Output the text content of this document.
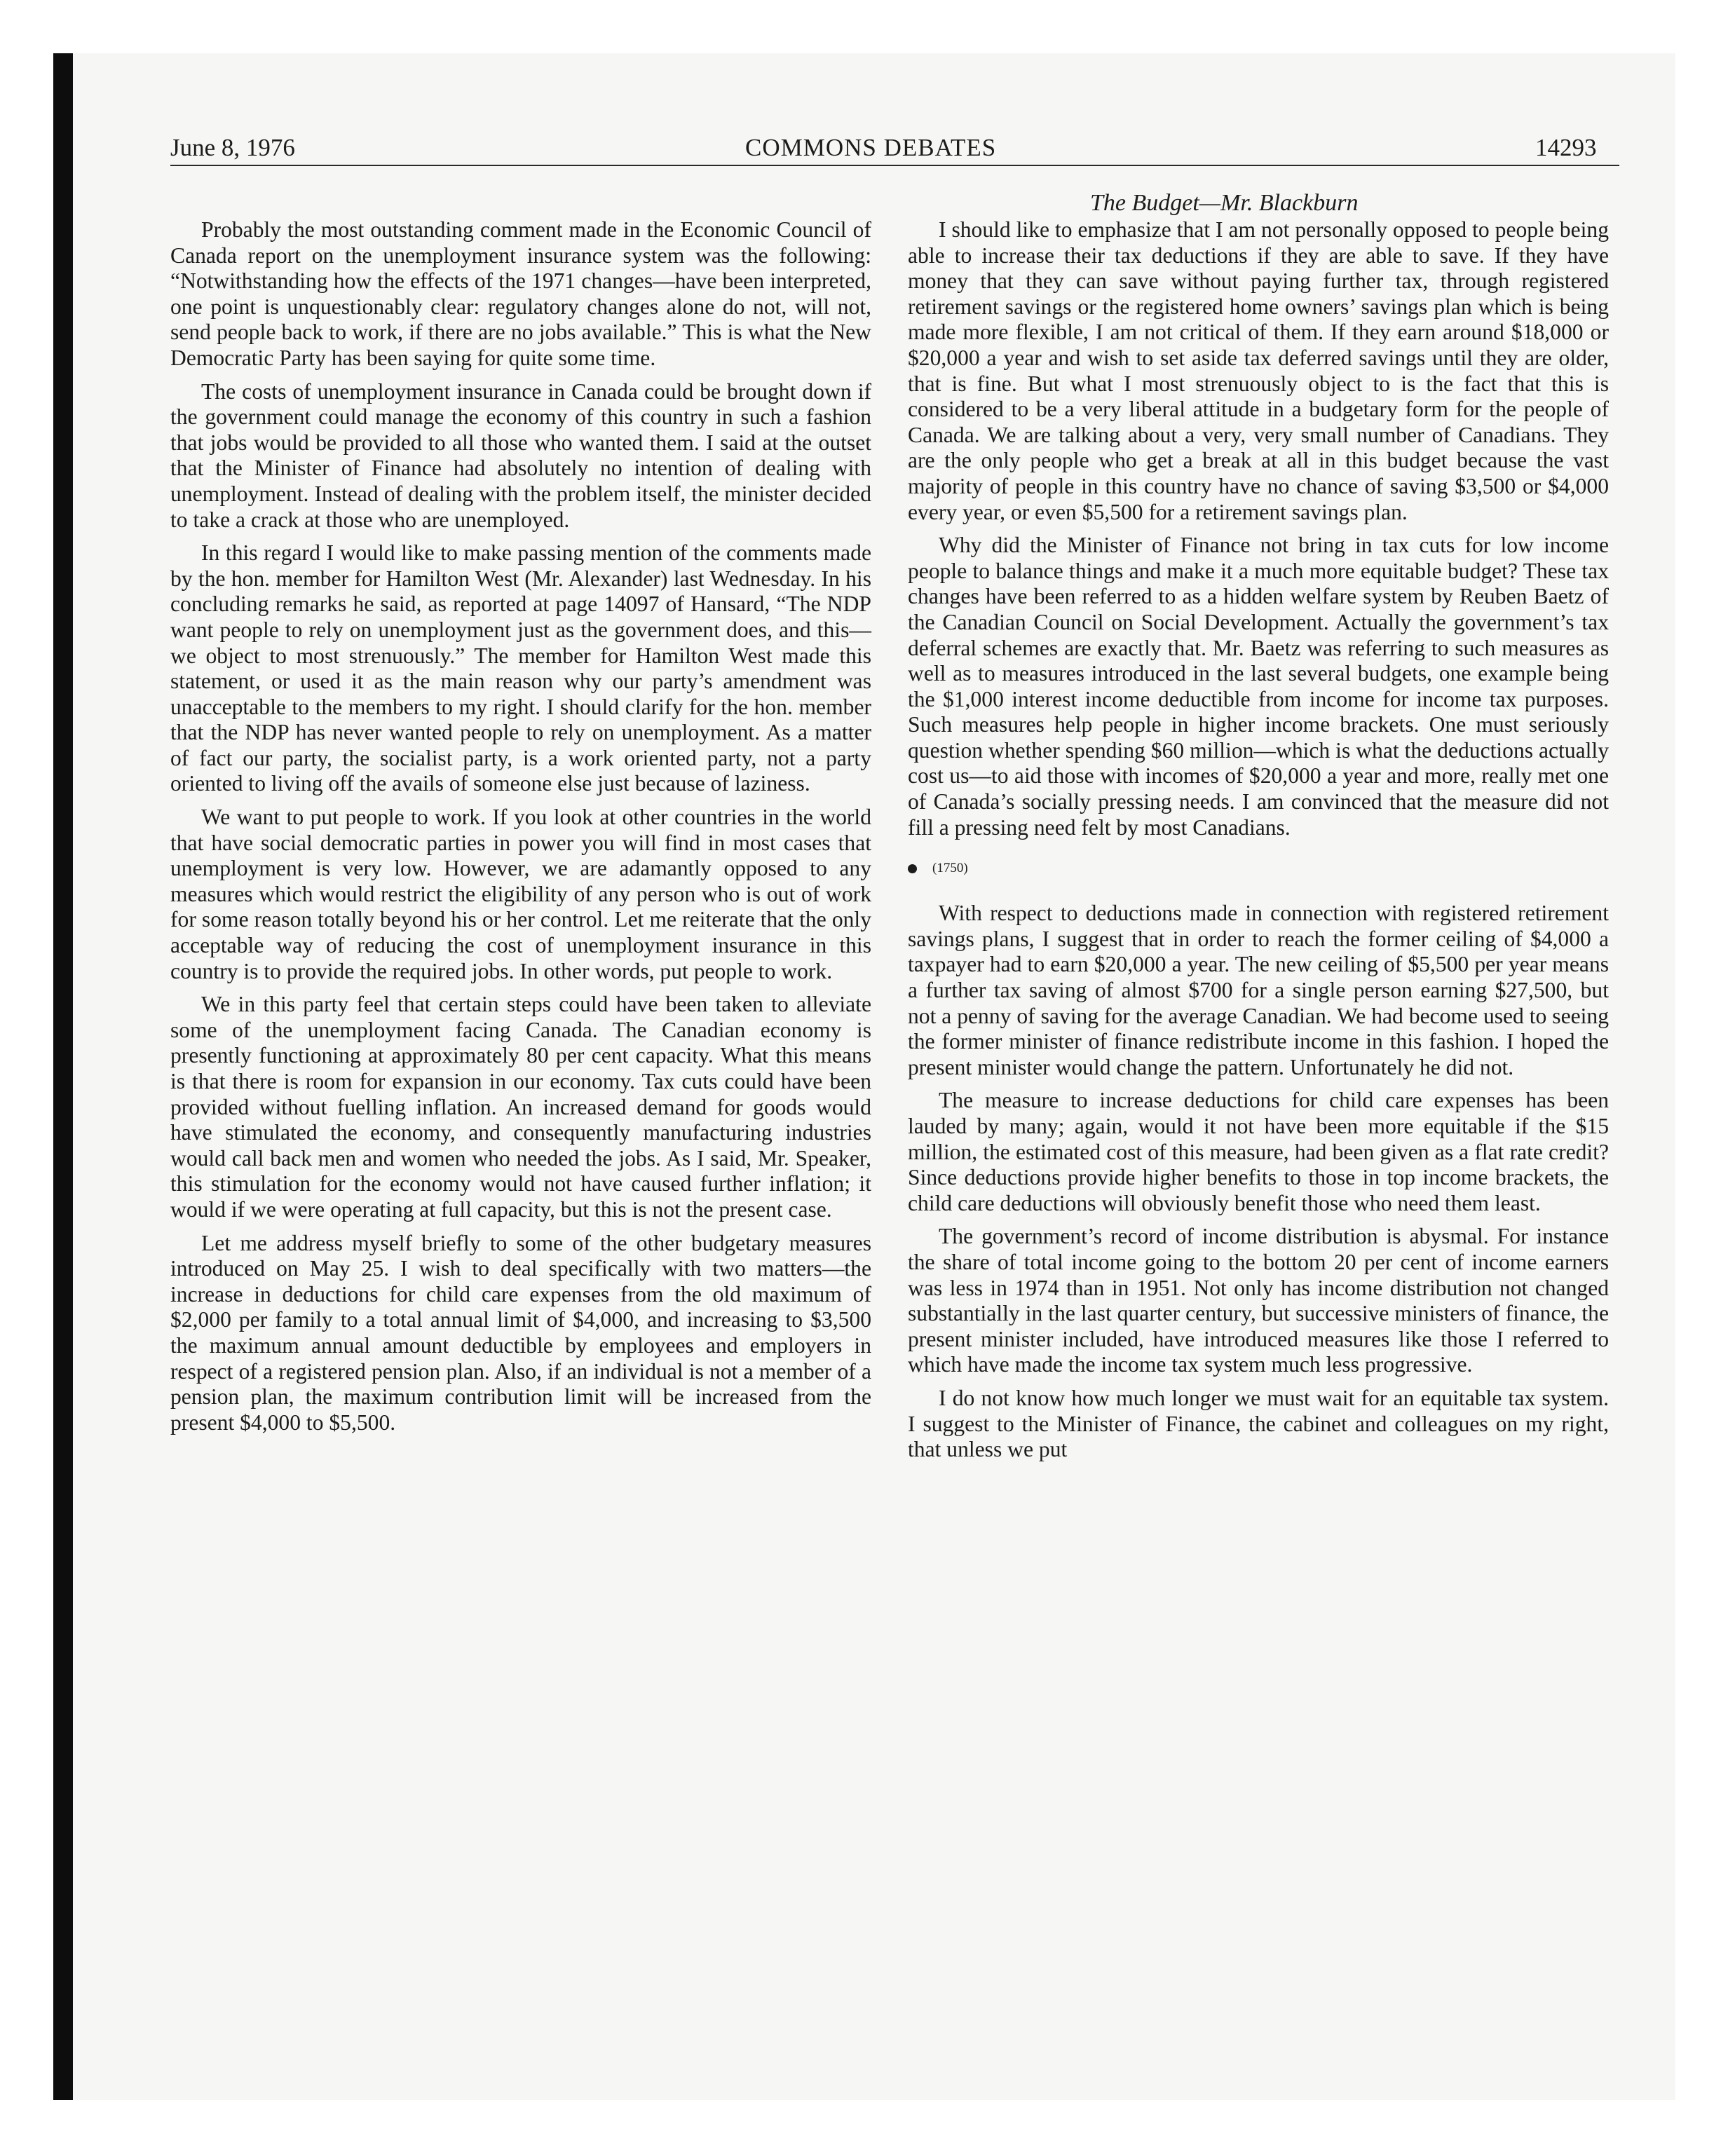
June 8, 1976	COMMONS DEBATES	14293
The Budget—Mr. Blackburn

Probably the most outstanding comment made in the Economic Council of Canada report on the unemployment insurance system was the following: “Notwithstanding how the effects of the 1971 changes—have been interpreted, one point is unquestionably clear: regulatory changes alone do not, will not, send people back to work, if there are no jobs available.” This is what the New Democratic Party has been saying for quite some time.

The costs of unemployment insurance in Canada could be brought down if the government could manage the economy of this country in such a fashion that jobs would be provided to all those who wanted them. I said at the outset that the Minister of Finance had absolutely no intention of dealing with unemployment. Instead of dealing with the problem itself, the minister decided to take a crack at those who are unemployed.

In this regard I would like to make passing mention of the comments made by the hon. member for Hamilton West (Mr. Alexander) last Wednesday. In his concluding remarks he said, as reported at page 14097 of Hansard, “The NDP want people to rely on unemployment just as the government does, and this—we object to most strenuously.” The member for Hamilton West made this statement, or used it as the main reason why our party’s amendment was unacceptable to the members to my right. I should clarify for the hon. member that the NDP has never wanted people to rely on unemployment. As a matter of fact our party, the socialist party, is a work oriented party, not a party oriented to living off the avails of someone else just because of laziness.

We want to put people to work. If you look at other countries in the world that have social democratic parties in power you will find in most cases that unemployment is very low. However, we are adamantly opposed to any measures which would restrict the eligibility of any person who is out of work for some reason totally beyond his or her control. Let me reiterate that the only acceptable way of reducing the cost of unemployment insurance in this country is to provide the required jobs. In other words, put people to work.

We in this party feel that certain steps could have been taken to alleviate some of the unemployment facing Canada. The Canadian economy is presently functioning at approximately 80 per cent capacity. What this means is that there is room for expansion in our economy. Tax cuts could have been provided without fuelling inflation. An increased demand for goods would have stimulated the economy, and consequently manufacturing industries would call back men and women who needed the jobs. As I said, Mr. Speaker, this stimulation for the economy would not have caused further inflation; it would if we were operating at full capacity, but this is not the present case.

Let me address myself briefly to some of the other budgetary measures introduced on May 25. I wish to deal specifically with two matters—the increase in deductions for child care expenses from the old maximum of $2,000 per family to a total annual limit of $4,000, and increasing to $3,500 the maximum annual amount deductible by employees and employers in respect of a registered pension plan. Also, if an individual is not a member of a pension plan, the maximum contribution limit will be increased from the present $4,000 to $5,500.

I should like to emphasize that I am not personally opposed to people being able to increase their tax deductions if they are able to save. If they have money that they can save without paying further tax, through registered retirement savings or the registered home owners’ savings plan which is being made more flexible, I am not critical of them. If they earn around $18,000 or $20,000 a year and wish to set aside tax deferred savings until they are older, that is fine. But what I most strenuously object to is the fact that this is considered to be a very liberal attitude in a budgetary form for the people of Canada. We are talking about a very, very small number of Canadians. They are the only people who get a break at all in this budget because the vast majority of people in this country have no chance of saving $3,500 or $4,000 every year, or even $5,500 for a retirement savings plan.

Why did the Minister of Finance not bring in tax cuts for low income people to balance things and make it a much more equitable budget? These tax changes have been referred to as a hidden welfare system by Reuben Baetz of the Canadian Council on Social Development. Actually the government’s tax deferral schemes are exactly that. Mr. Baetz was referring to such measures as well as to measures introduced in the last several budgets, one example being the $1,000 interest income deductible from income for income tax purposes. Such measures help people in higher income brackets. One must seriously question whether spending $60 million—which is what the deductions actually cost us—to aid those with incomes of $20,000 a year and more, really met one of Canada’s socially pressing needs. I am convinced that the measure did not fill a pressing need felt by most Canadians.

(1750)

With respect to deductions made in connection with registered retirement savings plans, I suggest that in order to reach the former ceiling of $4,000 a taxpayer had to earn $20,000 a year. The new ceiling of $5,500 per year means a further tax saving of almost $700 for a single person earning $27,500, but not a penny of saving for the average Canadian. We had become used to seeing the former minister of finance redistribute income in this fashion. I hoped the present minister would change the pattern. Unfortunately he did not.

The measure to increase deductions for child care expenses has been lauded by many; again, would it not have been more equitable if the $15 million, the estimated cost of this measure, had been given as a flat rate credit? Since deductions provide higher benefits to those in top income brackets, the child care deductions will obviously benefit those who need them least.

The government’s record of income distribution is abysmal. For instance the share of total income going to the bottom 20 per cent of income earners was less in 1974 than in 1951. Not only has income distribution not changed substantially in the last quarter century, but successive ministers of finance, the present minister included, have introduced measures like those I referred to which have made the income tax system much less progressive.

I do not know how much longer we must wait for an equitable tax system. I suggest to the Minister of Finance, the cabinet and colleagues on my right, that unless we put
